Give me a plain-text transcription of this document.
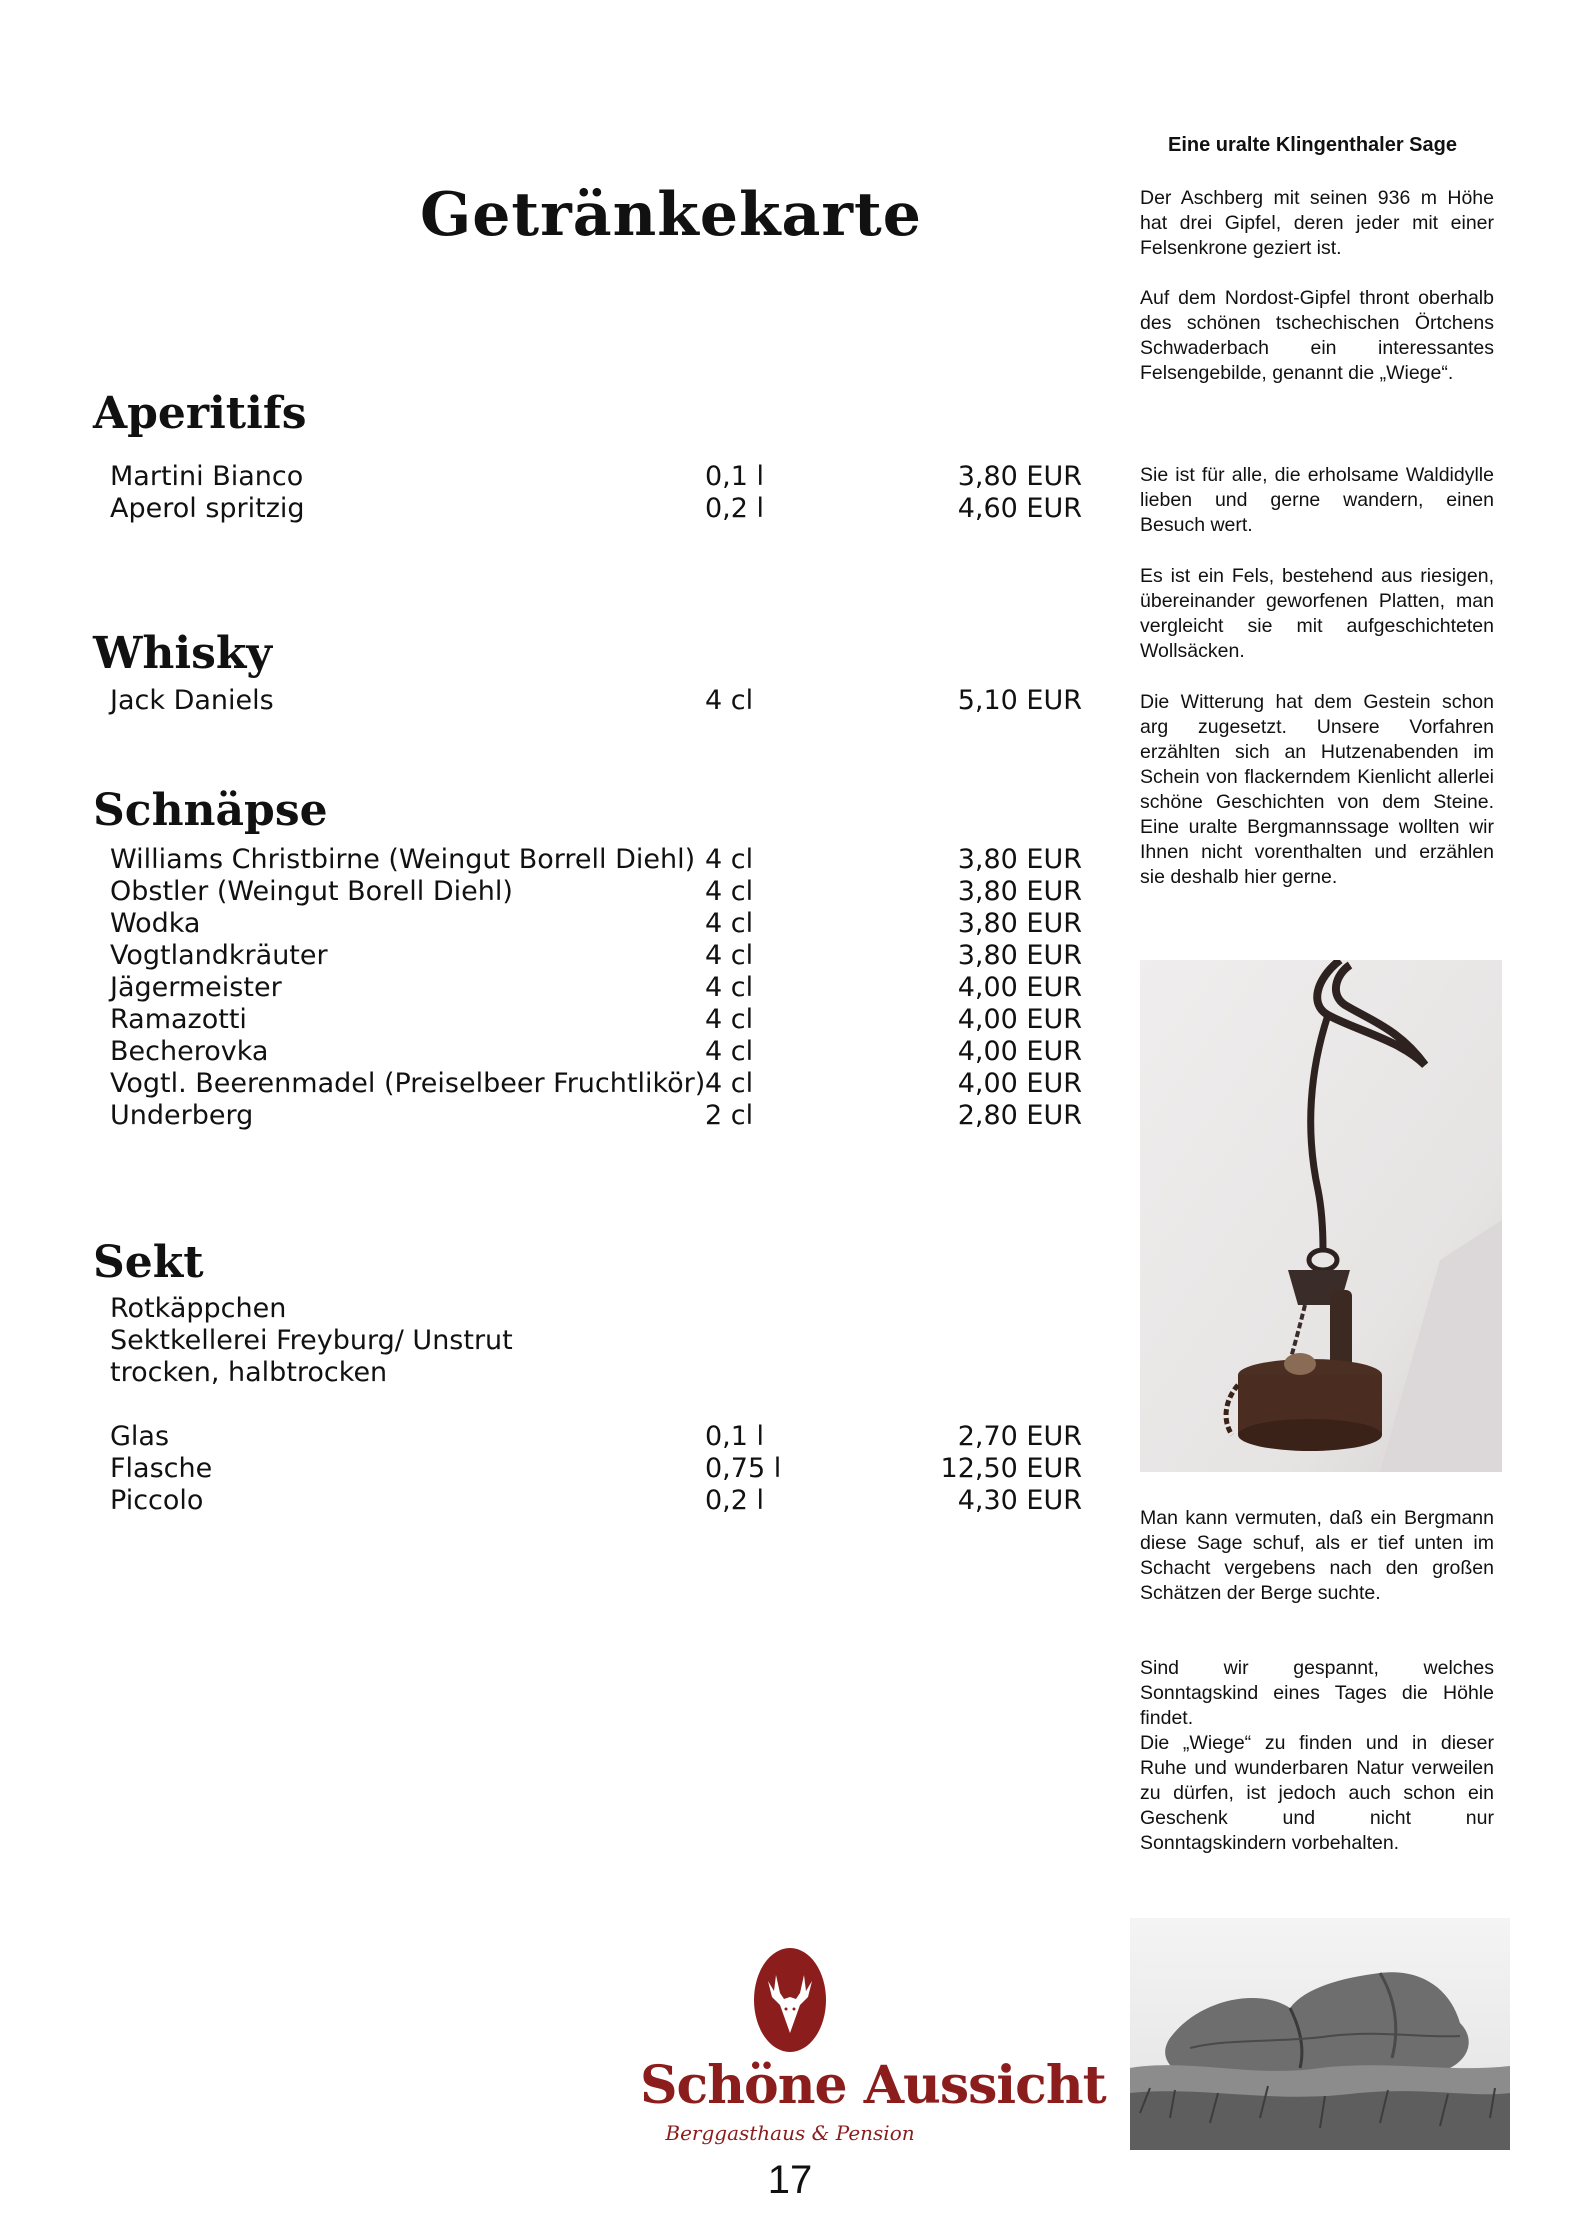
Getränkekarte
Aperitifs
Martini Bianco	0,1 l	3,80 EUR
Aperol spritzig	0,2 l	4,60 EUR
Whisky
Jack Daniels	4 cl	5,10 EUR
Schnäpse
Williams Christbirne (Weingut Borrell Diehl) 4 cl	3,80 EUR
Obstler (Weingut Borell Diehl)	4 cl	3,80 EUR
Wodka	4 cl	3,80 EUR
Vogtlandkräuter	4 cl	3,80 EUR
Jägermeister	4 cl	4,00 EUR
Ramazotti	4 cl	4,00 EUR
Becherovka	4 cl	4,00 EUR
Vogtl. Beerenmadel (Preiselbeer Fruchtlikör) 4 cl	4,00 EUR
Underberg	2 cl	2,80 EUR
Sekt
Rotkäppchen
Sektkellerei Freyburg/ Unstrut
trocken, halbtrocken
Glas	0,1 l	2,70 EUR
Flasche	0,75 l	12,50 EUR
Piccolo	0,2 l	4,30 EUR
Eine uralte Klingenthaler Sage
Der Aschberg mit seinen 936 m Höhe hat drei Gipfel, deren jeder mit einer Felsenkrone geziert ist.
Auf dem Nordost-Gipfel thront oberhalb des schönen tschechischen Örtchens Schwaderbach ein interessantes Felsengebilde, genannt die „Wiege“.
Sie ist für alle, die erholsame Waldidylle lieben und gerne wandern, einen Besuch wert.
Es ist ein Fels, bestehend aus riesigen, übereinander geworfenen Platten, man vergleicht sie mit aufgeschichteten Wollsäcken.
Die Witterung hat dem Gestein schon arg zugesetzt. Unsere Vorfahren erzählten sich an Hutzenabenden im Schein von flackerndem Kienlicht allerlei schöne Geschichten von dem Steine. Eine uralte Bergmannssage wollten wir Ihnen nicht vorenthalten und erzählen sie deshalb hier gerne.
Man kann vermuten, daß ein Bergmann diese Sage schuf, als er tief unten im Schacht vergebens nach den großen Schätzen der Berge suchte.
Sind wir gespannt, welches Sonntagskind eines Tages die Höhle findet.
Die „Wiege“ zu finden und in dieser Ruhe und wunderbaren Natur verweilen zu dürfen, ist jedoch auch schon ein Geschenk und nicht nur Sonntagskindern vorbehalten.
Schöne Aussicht
Berggasthaus & Pension
17
